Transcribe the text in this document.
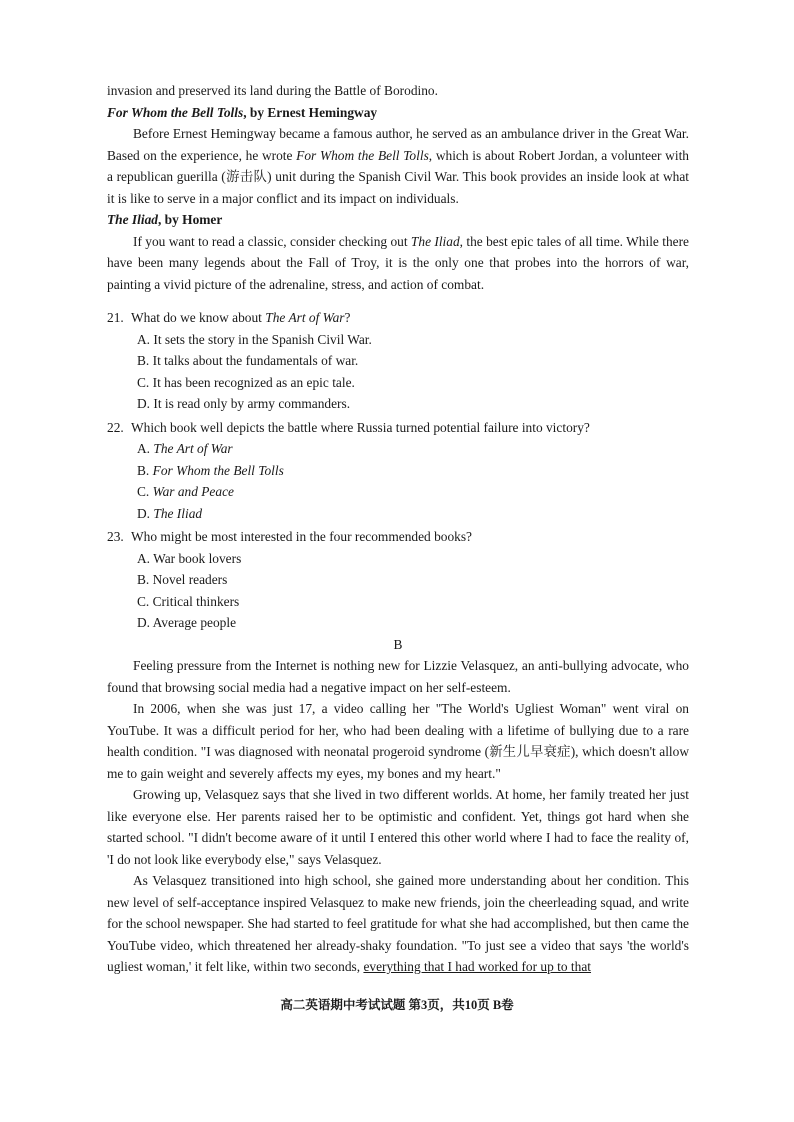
invasion and preserved its land during the Battle of Borodino.

For Whom the Bell Tolls, by Ernest Hemingway

Before Ernest Hemingway became a famous author, he served as an ambulance driver in the Great War. Based on the experience, he wrote For Whom the Bell Tolls, which is about Robert Jordan, a volunteer with a republican guerilla (游击队) unit during the Spanish Civil War. This book provides an inside look at what it is like to serve in a major conflict and its impact on individuals.

The Iliad, by Homer

If you want to read a classic, consider checking out The Iliad, the best epic tales of all time. While there have been many legends about the Fall of Troy, it is the only one that probes into the horrors of war, painting a vivid picture of the adrenaline, stress, and action of combat.

21. What do we know about The Art of War?

A. It sets the story in the Spanish Civil War.

B. It talks about the fundamentals of war.

C. It has been recognized as an epic tale.

D. It is read only by army commanders.

22. Which book well depicts the battle where Russia turned potential failure into victory?

A. The Art of War

B. For Whom the Bell Tolls

C. War and Peace

D. The Iliad

23. Who might be most interested in the four recommended books?

A. War book lovers

B. Novel readers

C. Critical thinkers

D. Average people

B

Feeling pressure from the Internet is nothing new for Lizzie Velasquez, an anti-bullying advocate, who found that browsing social media had a negative impact on her self-esteem.

In 2006, when she was just 17, a video calling her "The World's Ugliest Woman" went viral on YouTube. It was a difficult period for her, who had been dealing with a lifetime of bullying due to a rare health condition. "I was diagnosed with neonatal progeroid syndrome (新生儿早衰症), which doesn't allow me to gain weight and severely affects my eyes, my bones and my heart."

Growing up, Velasquez says that she lived in two different worlds. At home, her family treated her just like everyone else. Her parents raised her to be optimistic and confident. Yet, things got hard when she started school. "I didn't become aware of it until I entered this other world where I had to face the reality of, 'I do not look like everybody else," says Velasquez.

As Velasquez transitioned into high school, she gained more understanding about her condition. This new level of self-acceptance inspired Velasquez to make new friends, join the cheerleading squad, and write for the school newspaper. She had started to feel gratitude for what she had accomplished, but then came the YouTube video, which threatened her already-shaky foundation. "To just see a video that says 'the world's ugliest woman,' it felt like, within two seconds, everything that I had worked for up to that

高二英语期中考试试题 第3页，共10页 B卷
